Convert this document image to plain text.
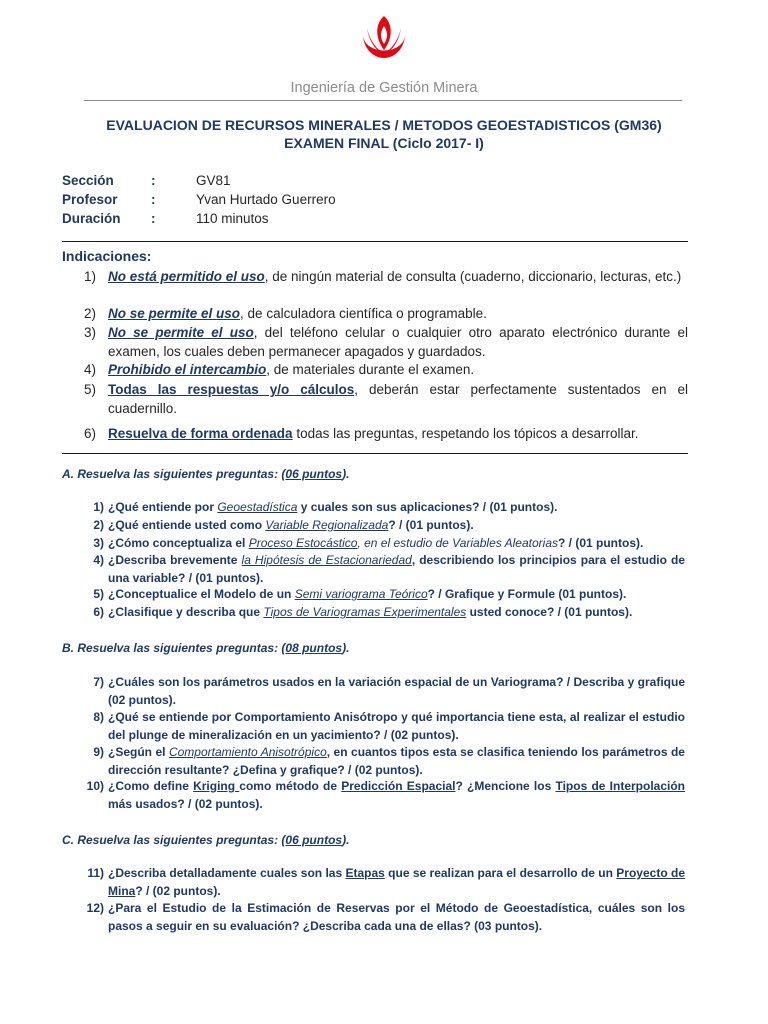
Ingeniería de Gestión Minera
EVALUACION DE RECURSOS MINERALES / METODOS GEOESTADISTICOS (GM36)
EXAMEN FINAL (Ciclo 2017- I)
Sección	:	GV81
Profesor :	Yvan Hurtado Guerrero
Duración :	110 minutos
Indicaciones:
1) No está permitido el uso, de ningún material de consulta (cuaderno, diccionario, lecturas, etc.)
2) No se permite el uso, de calculadora científica o programable.
3) No se permite el uso, del teléfono celular o cualquier otro aparato electrónico durante el examen, los cuales deben permanecer apagados y guardados.
4) Prohibido el intercambio, de materiales durante el examen.
5) Todas las respuestas y/o cálculos, deberán estar perfectamente sustentados en el cuadernillo.
6) Resuelva de forma ordenada todas las preguntas, respetando los tópicos a desarrollar.
A. Resuelva las siguientes preguntas: (06 puntos).
1) ¿Qué entiende por Geoestadística y cuales son sus aplicaciones? / (01 puntos).
2) ¿Qué entiende usted como Variable Regionalizada? / (01 puntos).
3) ¿Cómo conceptualiza el Proceso Estocástico, en el estudio de Variables Aleatorias? / (01 puntos).
4) ¿Describa brevemente la Hipótesis de Estacionariedad, describiendo los principios para el estudio de una variable? / (01 puntos).
5) ¿Conceptualice el Modelo de un Semi variograma Teórico? / Grafique y Formule (01 puntos).
6) ¿Clasifique y describa que Tipos de Variogramas Experimentales usted conoce? / (01 puntos).
B. Resuelva las siguientes preguntas: (08 puntos).
7) ¿Cuáles son los parámetros usados en la variación espacial de un Variograma? / Describa y grafique (02 puntos).
8) ¿Qué se entiende por Comportamiento Anisótropo y qué importancia tiene esta, al realizar el estudio del plunge de mineralización en un yacimiento? / (02 puntos).
9) ¿Según el Comportamiento Anisotrópico, en cuantos tipos esta se clasifica teniendo los parámetros de dirección resultante? ¿Defina y grafique? / (02 puntos).
10) ¿Como define Kriging como método de Predicción Espacial? ¿Mencione los Tipos de Interpolación más usados? / (02 puntos).
C. Resuelva las siguientes preguntas: (06 puntos).
11) ¿Describa detalladamente cuales son las Etapas que se realizan para el desarrollo de un Proyecto de Mina? / (02 puntos).
12) ¿Para el Estudio de la Estimación de Reservas por el Método de Geoestadística, cuáles son los pasos a seguir en su evaluación? ¿Describa cada una de ellas? (03 puntos).
